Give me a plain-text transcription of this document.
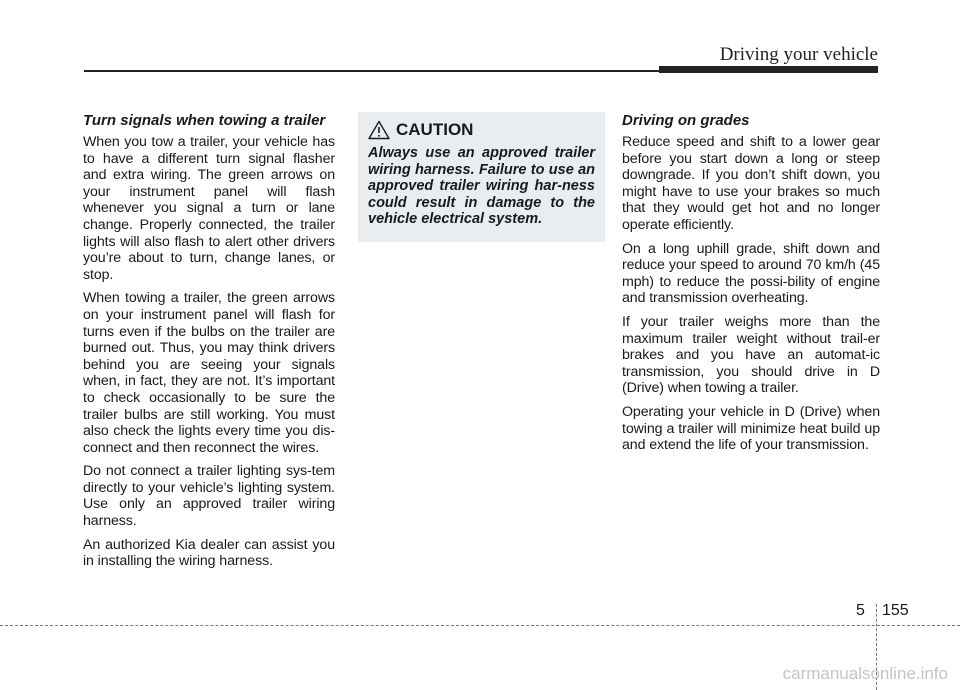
Driving your vehicle
Turn signals when towing a trailer

When you tow a trailer, your vehicle has to have a different turn signal flasher and extra wiring. The green arrows on your instrument panel will flash whenever you signal a turn or lane change. Properly connected, the trailer lights will also flash to alert other drivers you’re about to turn, change lanes, or stop.

When towing a trailer, the green arrows on your instrument panel will flash for turns even if the bulbs on the trailer are burned out. Thus, you may think drivers behind you are seeing your signals when, in fact, they are not. It’s important to check occasionally to be sure the trailer bulbs are still working. You must also check the lights every time you dis-connect and then reconnect the wires.

Do not connect a trailer lighting sys-tem directly to your vehicle’s lighting system. Use only an approved trailer wiring harness.

An authorized Kia dealer can assist you in installing the wiring harness.

CAUTION

Always use an approved trailer wiring harness. Failure to use an approved trailer wiring har-ness could result in damage to the vehicle electrical system.

Driving on grades

Reduce speed and shift to a lower gear before you start down a long or steep downgrade. If you don’t shift down, you might have to use your brakes so much that they would get hot and no longer operate efficiently.

On a long uphill grade, shift down and reduce your speed to around 70 km/h (45 mph) to reduce the possi-bility of engine and transmission overheating.

If your trailer weighs more than the maximum trailer weight without trail-er brakes and you have an automat-ic transmission, you should drive in D (Drive) when towing a trailer.

Operating your vehicle in D (Drive) when towing a trailer will minimize heat build up and extend the life of your transmission.

5 155
carmanualsonline.info
